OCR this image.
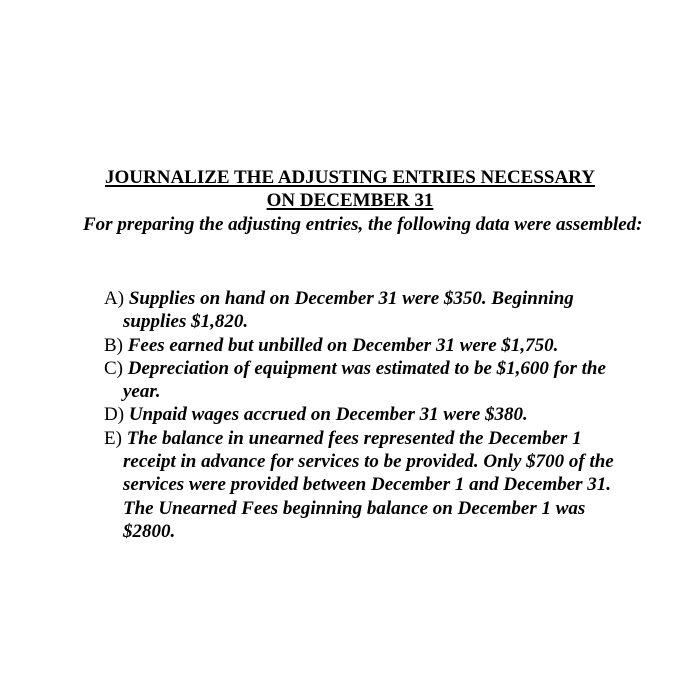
JOURNALIZE THE ADJUSTING ENTRIES NECESSARY
ON DECEMBER 31
For preparing the adjusting entries, the following data were assembled:
A) Supplies on hand on December 31 were $350. Beginning supplies $1,820.
B) Fees earned but unbilled on December 31 were $1,750.
C) Depreciation of equipment was estimated to be $1,600 for the year.
D) Unpaid wages accrued on December 31 were $380.
E) The balance in unearned fees represented the December 1 receipt in advance for services to be provided. Only $700 of the services were provided between December 1 and December 31. The Unearned Fees beginning balance on December 1 was $2800.
